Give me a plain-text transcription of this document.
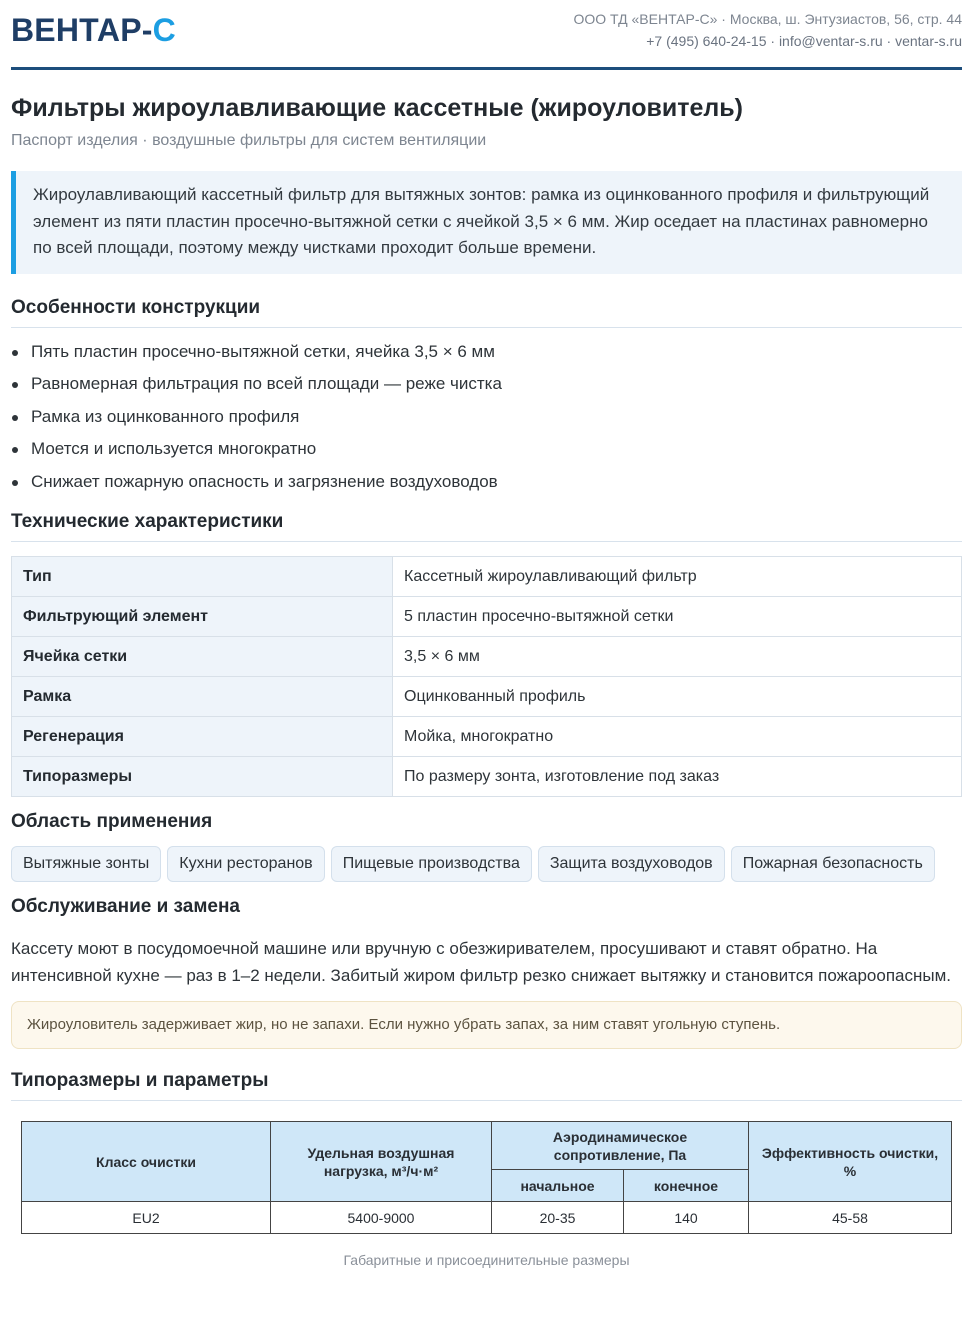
ВЕНТАР-С	ООО ТД «ВЕНТАР-С» · Москва, ш. Энтузиастов, 56, стр. 44
+7 (495) 640-24-15 · info@ventar-s.ru · ventar-s.ru
Фильтры жироулавливающие кассетные (жироуловитель)
Паспорт изделия · воздушные фильтры для систем вентиляции
Жироулавливающий кассетный фильтр для вытяжных зонтов: рамка из оцинкованного профиля и фильтрующий элемент из пяти пластин просечно-вытяжной сетки с ячейкой 3,5 × 6 мм. Жир оседает на пластинах равномерно по всей площади, поэтому между чистками проходит больше времени.
Особенности конструкции
Пять пластин просечно-вытяжной сетки, ячейка 3,5 × 6 мм
Равномерная фильтрация по всей площади — реже чистка
Рамка из оцинкованного профиля
Моется и используется многократно
Снижает пожарную опасность и загрязнение воздуховодов
Технические характеристики
Тип	Кассетный жироулавливающий фильтр
Фильтрующий элемент	5 пластин просечно-вытяжной сетки
Ячейка сетки	3,5 × 6 мм
Рамка	Оцинкованный профиль
Регенерация	Мойка, многократно
Типоразмеры	По размеру зонта, изготовление под заказ
Область применения
Вытяжные зонты	Кухни ресторанов	Пищевые производства	Защита воздуховодов	Пожарная безопасность
Обслуживание и замена

Кассету моют в посудомоечной машине или вручную с обезжиривателем, просушивают и ставят обратно. На интенсивной кухне — раз в 1–2 недели. Забитый жиром фильтр резко снижает вытяжку и становится пожароопасным.

Жироуловитель задерживает жир, но не запахи. Если нужно убрать запах, за ним ставят угольную ступень.
Типоразмеры и параметры
Класс очистки	Удельная воздушная нагрузка, м³/ч·м²	Аэродинамическое сопротивление, Па		Эффективность очистки, %
		начальное	конечное	
EU2	5400-9000	20-35	140	45-58
Габаритные и присоединительные размеры
